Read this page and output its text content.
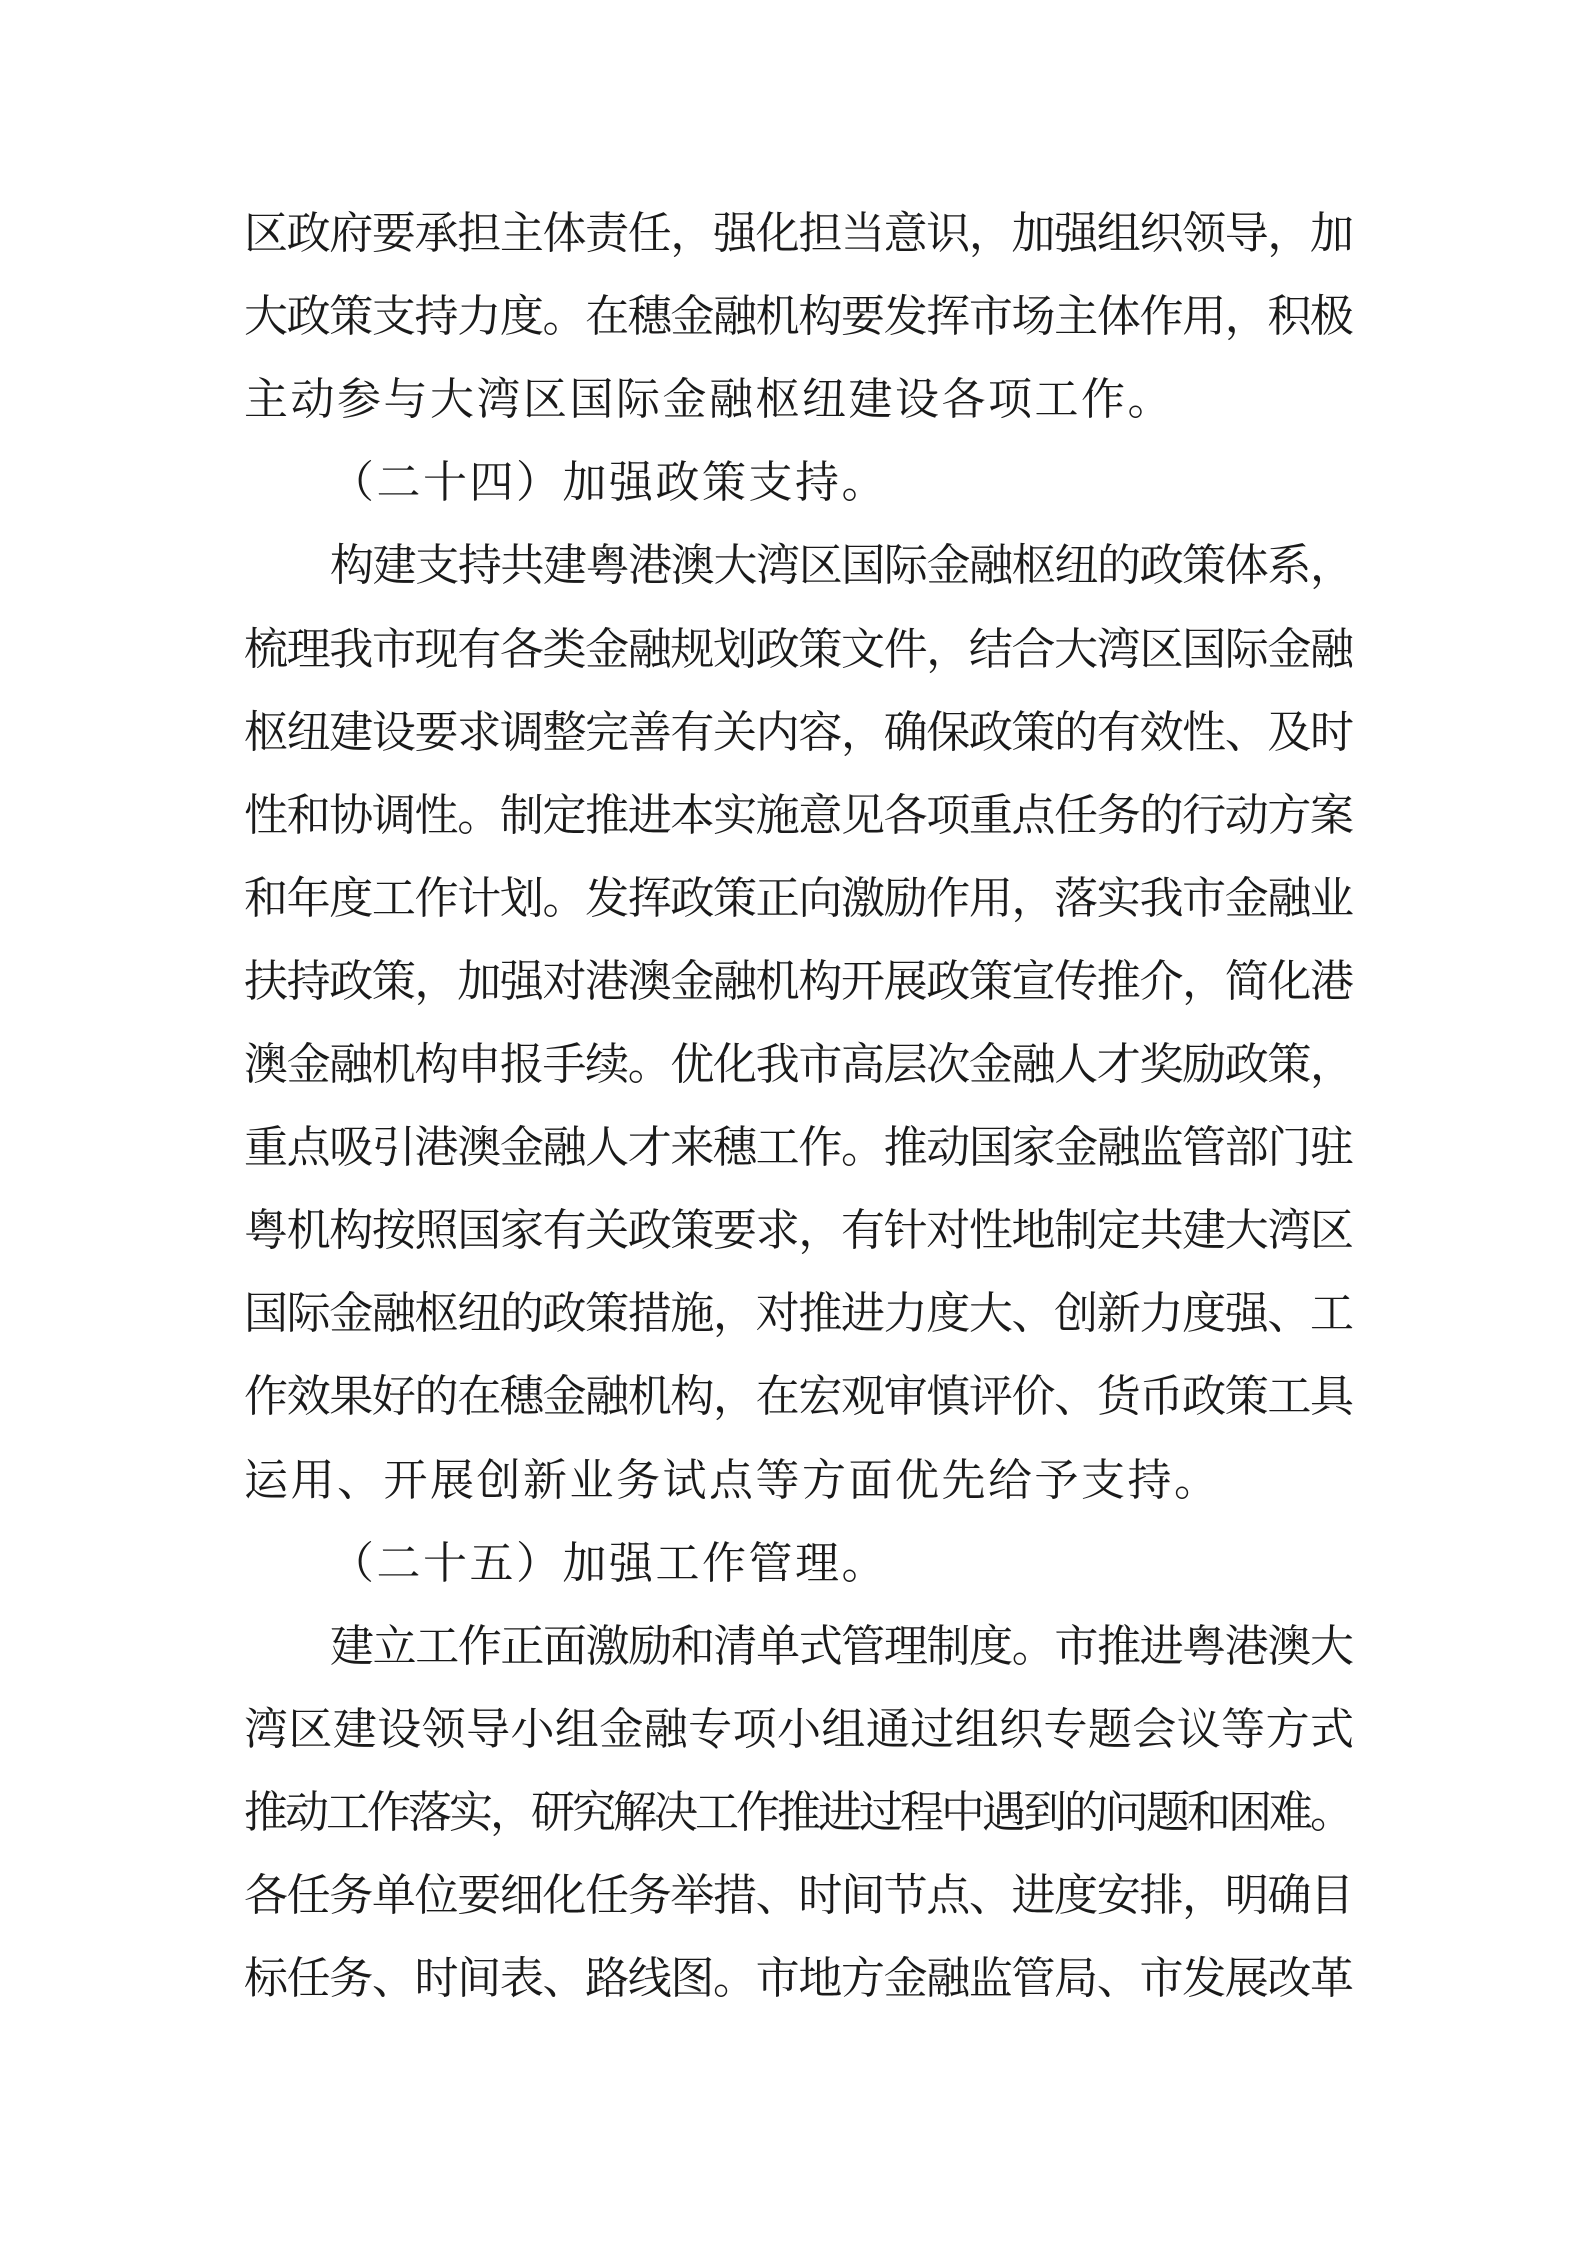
区政府要承担主体责任，强化担当意识，加强组织领导，加
大政策支持力度。在穗金融机构要发挥市场主体作用，积极
主动参与大湾区国际金融枢纽建设各项工作。
（二十四）加强政策支持。
构建支持共建粤港澳大湾区国际金融枢纽的政策体系，
梳理我市现有各类金融规划政策文件，结合大湾区国际金融
枢纽建设要求调整完善有关内容，确保政策的有效性、及时
性和协调性。制定推进本实施意见各项重点任务的行动方案
和年度工作计划。发挥政策正向激励作用，落实我市金融业
扶持政策，加强对港澳金融机构开展政策宣传推介，简化港
澳金融机构申报手续。优化我市高层次金融人才奖励政策，
重点吸引港澳金融人才来穗工作。推动国家金融监管部门驻
粤机构按照国家有关政策要求，有针对性地制定共建大湾区
国际金融枢纽的政策措施，对推进力度大、创新力度强、工
作效果好的在穗金融机构，在宏观审慎评价、货币政策工具
运用、开展创新业务试点等方面优先给予支持。
（二十五）加强工作管理。
建立工作正面激励和清单式管理制度。市推进粤港澳大
湾区建设领导小组金融专项小组通过组织专题会议等方式
推动工作落实，研究解决工作推进过程中遇到的问题和困难。
各任务单位要细化任务举措、时间节点、进度安排，明确目
标任务、时间表、路线图。市地方金融监管局、市发展改革
